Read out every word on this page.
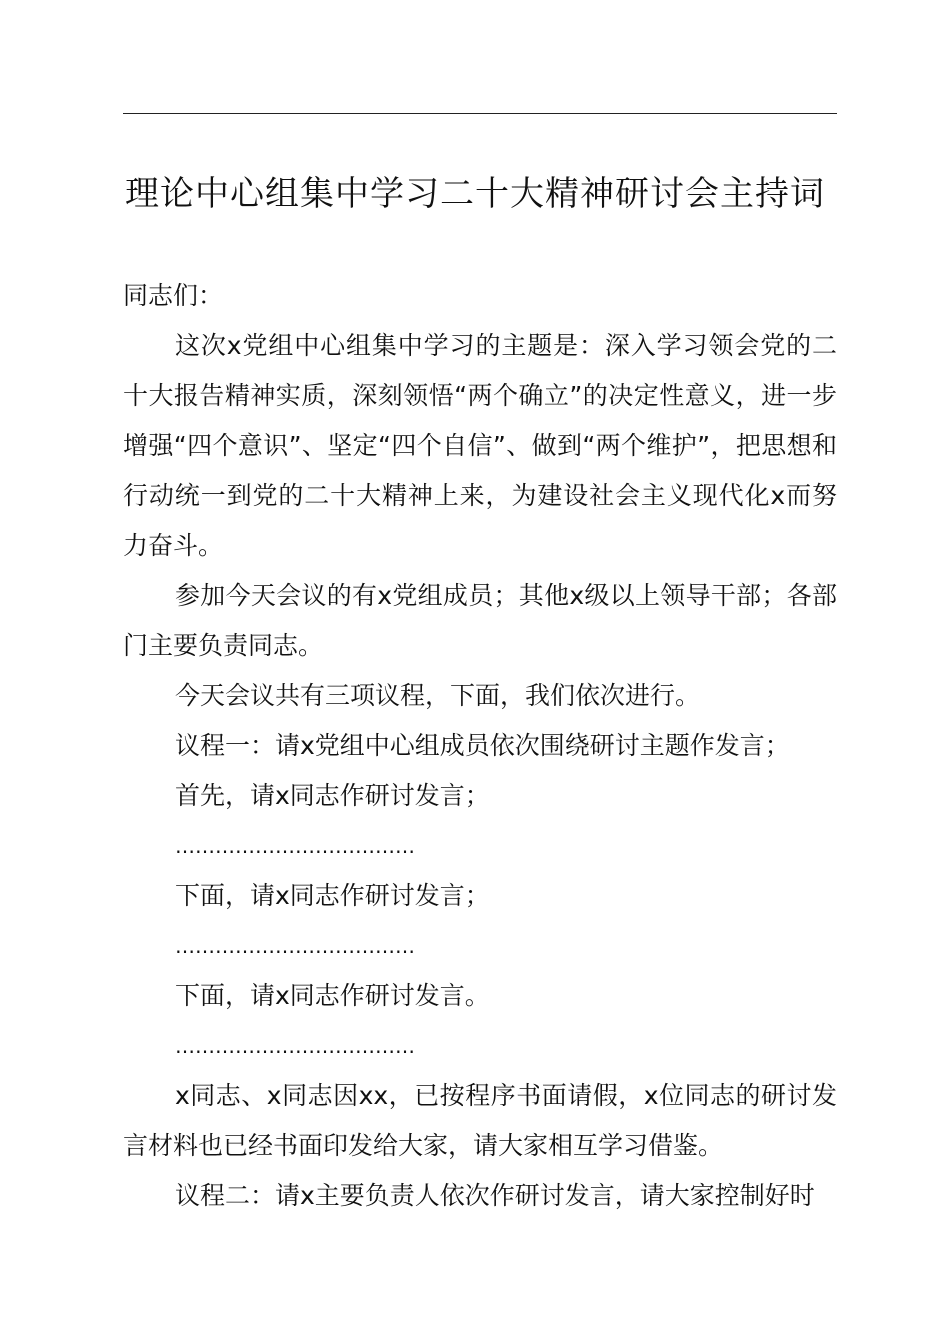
理论中心组集中学习二十大精神研讨会主持词

同志们：

这次x党组中心组集中学习的主题是：深入学习领会党的二十大报告精神实质，深刻领悟“两个确立”的决定性意义，进一步增强“四个意识”、坚定“四个自信”、做到“两个维护”，把思想和行动统一到党的二十大精神上来，为建设社会主义现代化x而努力奋斗。

参加今天会议的有x党组成员；其他x级以上领导干部；各部门主要负责同志。

今天会议共有三项议程，下面，我们依次进行。

议程一：请x党组中心组成员依次围绕研讨主题作发言；

首先，请x同志作研讨发言；

………………………………

下面，请x同志作研讨发言；

………………………………

下面，请x同志作研讨发言。

………………………………

x同志、x同志因xx，已按程序书面请假，x位同志的研讨发言材料也已经书面印发给大家，请大家相互学习借鉴。

议程二：请x主要负责人依次作研讨发言，请大家控制好时
